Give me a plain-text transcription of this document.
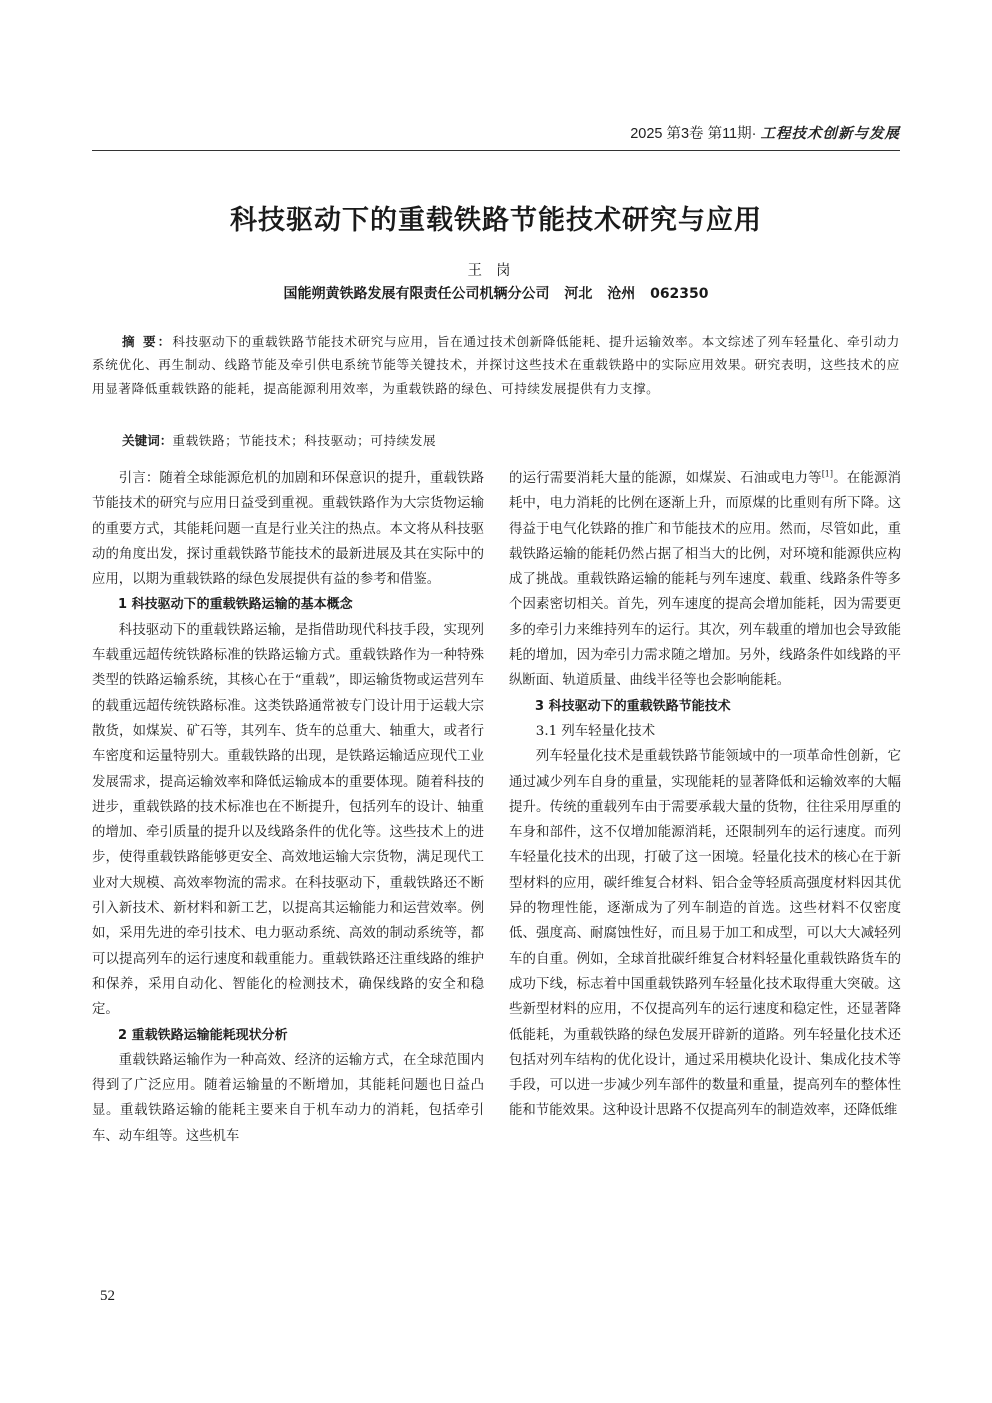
2025 第3卷 第11期· 工程技术创新与发展
科技驱动下的重载铁路节能技术研究与应用
王岗
国能朔黄铁路发展有限责任公司机辆分公司 河北 沧州 062350
摘 要：科技驱动下的重载铁路节能技术研究与应用，旨在通过技术创新降低能耗、提升运输效率。本文综述了列车轻量化、牵引动力系统优化、再生制动、线路节能及牵引供电系统节能等关键技术，并探讨这些技术在重载铁路中的实际应用效果。研究表明，这些技术的应用显著降低重载铁路的能耗，提高能源利用效率，为重载铁路的绿色、可持续发展提供有力支撑。
关键词：重载铁路；节能技术；科技驱动；可持续发展

引言：随着全球能源危机的加剧和环保意识的提升，重载铁路节能技术的研究与应用日益受到重视。重载铁路作为大宗货物运输的重要方式，其能耗问题一直是行业关注的热点。本文将从科技驱动的角度出发，探讨重载铁路节能技术的最新进展及其在实际中的应用，以期为重载铁路的绿色发展提供有益的参考和借鉴。

1 科技驱动下的重载铁路运输的基本概念

科技驱动下的重载铁路运输，是指借助现代科技手段，实现列车载重远超传统铁路标准的铁路运输方式。重载铁路作为一种特殊类型的铁路运输系统，其核心在于“重载”，即运输货物或运营列车的载重远超传统铁路标准。这类铁路通常被专门设计用于运载大宗散货，如煤炭、矿石等，其列车、货车的总重大、轴重大，或者行车密度和运量特别大。重载铁路的出现，是铁路运输适应现代工业发展需求，提高运输效率和降低运输成本的重要体现。随着科技的进步，重载铁路的技术标准也在不断提升，包括列车的设计、轴重的增加、牵引质量的提升以及线路条件的优化等。这些技术上的进步，使得重载铁路能够更安全、高效地运输大宗货物，满足现代工业对大规模、高效率物流的需求。在科技驱动下，重载铁路还不断引入新技术、新材料和新工艺，以提高其运输能力和运营效率。例如，采用先进的牵引技术、电力驱动系统、高效的制动系统等，都可以提高列车的运行速度和载重能力。重载铁路还注重线路的维护和保养，采用自动化、智能化的检测技术，确保线路的安全和稳定。

2 重载铁路运输能耗现状分析

重载铁路运输作为一种高效、经济的运输方式，在全球范围内得到了广泛应用。随着运输量的不断增加，其能耗问题也日益凸显。重载铁路运输的能耗主要来自于机车动力的消耗，包括牵引车、动车组等。这些机车

的运行需要消耗大量的能源，如煤炭、石油或电力等[1]。在能源消耗中，电力消耗的比例在逐渐上升，而原煤的比重则有所下降。这得益于电气化铁路的推广和节能技术的应用。然而，尽管如此，重载铁路运输的能耗仍然占据了相当大的比例，对环境和能源供应构成了挑战。重载铁路运输的能耗与列车速度、载重、线路条件等多个因素密切相关。首先，列车速度的提高会增加能耗，因为需要更多的牵引力来维持列车的运行。其次，列车载重的增加也会导致能耗的增加，因为牵引力需求随之增加。另外，线路条件如线路的平纵断面、轨道质量、曲线半径等也会影响能耗。

3 科技驱动下的重载铁路节能技术
3.1 列车轻量化技术

列车轻量化技术是重载铁路节能领域中的一项革命性创新，它通过减少列车自身的重量，实现能耗的显著降低和运输效率的大幅提升。传统的重载列车由于需要承载大量的货物，往往采用厚重的车身和部件，这不仅增加能源消耗，还限制列车的运行速度。而列车轻量化技术的出现，打破了这一困境。轻量化技术的核心在于新型材料的应用，碳纤维复合材料、铝合金等轻质高强度材料因其优异的物理性能，逐渐成为了列车制造的首选。这些材料不仅密度低、强度高、耐腐蚀性好，而且易于加工和成型，可以大大减轻列车的自重。例如，全球首批碳纤维复合材料轻量化重载铁路货车的成功下线，标志着中国重载铁路列车轻量化技术取得重大突破。这些新型材料的应用，不仅提高列车的运行速度和稳定性，还显著降低能耗，为重载铁路的绿色发展开辟新的道路。列车轻量化技术还包括对列车结构的优化设计，通过采用模块化设计、集成化技术等手段，可以进一步减少列车部件的数量和重量，提高列车的整体性能和节能效果。这种设计思路不仅提高列车的制造效率，还降低维

52
